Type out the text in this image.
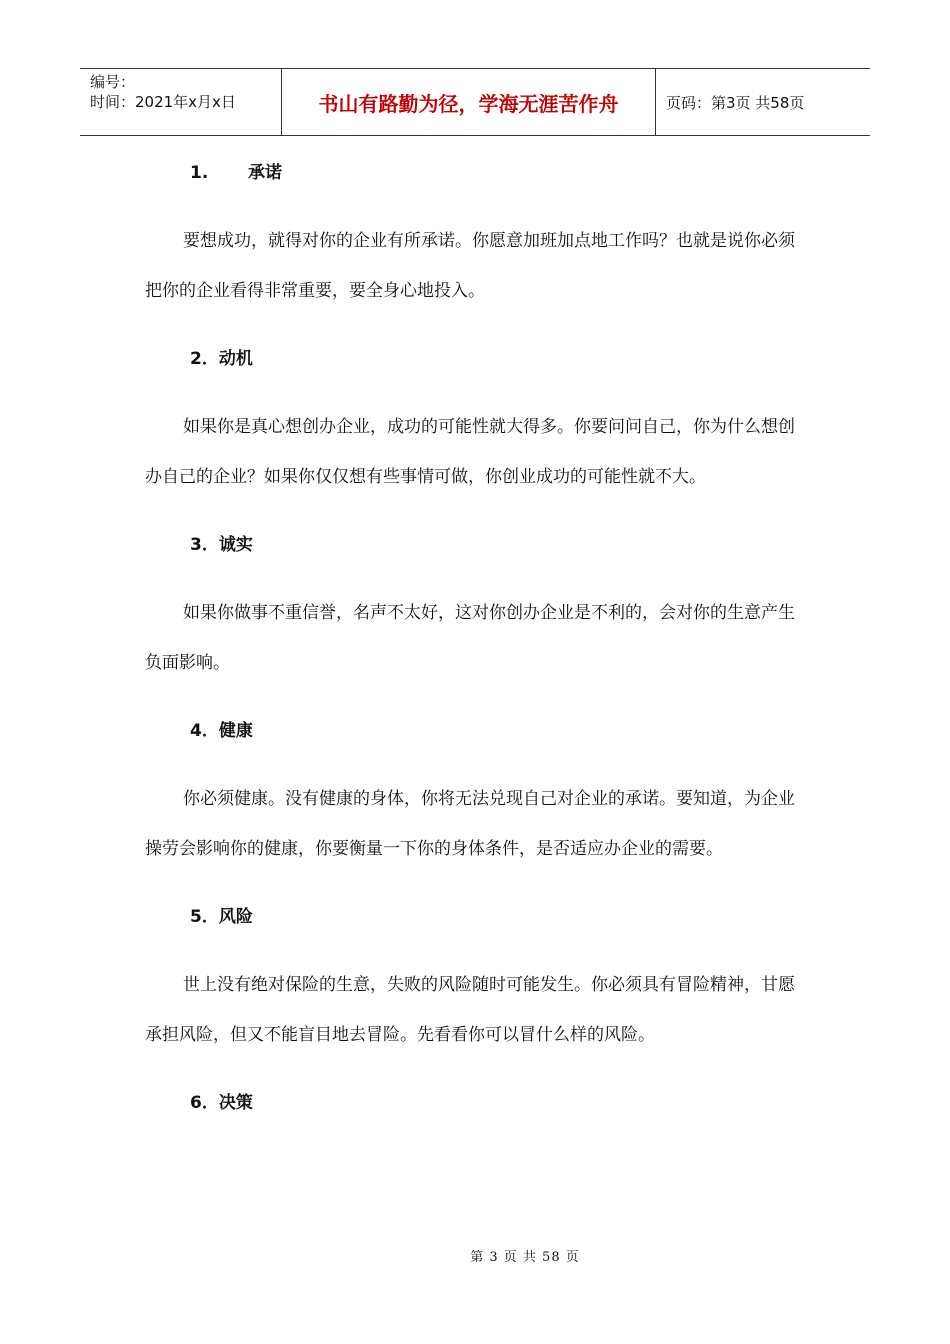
编号：
时间：2021年x月x日	书山有路勤为径，学海无涯苦作舟	页码：第3页 共58页
1. 承诺

要想成功，就得对你的企业有所承诺。你愿意加班加点地工作吗？也就是说你必须把你的企业看得非常重要，要全身心地投入。

2．动机

如果你是真心想创办企业，成功的可能性就大得多。你要问问自己，你为什么想创办自己的企业？如果你仅仅想有些事情可做，你创业成功的可能性就不大。

3．诚实

如果你做事不重信誉，名声不太好，这对你创办企业是不利的，会对你的生意产生负面影响。

4．健康

你必须健康。没有健康的身体，你将无法兑现自己对企业的承诺。要知道，为企业操劳会影响你的健康，你要衡量一下你的身体条件，是否适应办企业的需要。

5．风险

世上没有绝对保险的生意，失败的风险随时可能发生。你必须具有冒险精神，甘愿承担风险，但又不能盲目地去冒险。先看看你可以冒什么样的风险。

6．决策
第 3 页 共 58 页
